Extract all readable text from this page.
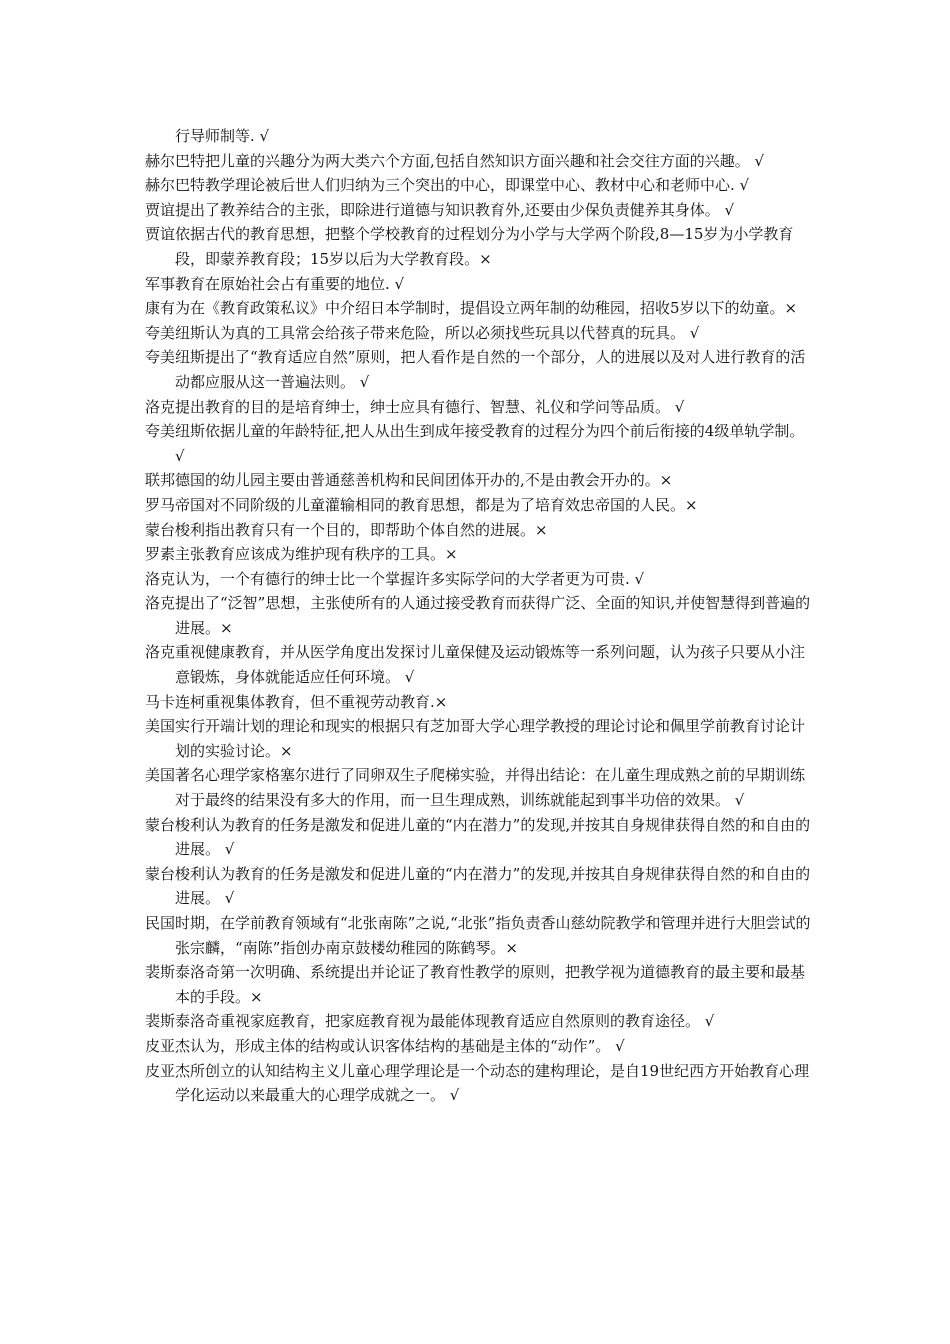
行导师制等. √

赫尔巴特把儿童的兴趣分为两大类六个方面,包括自然知识方面兴趣和社会交往方面的兴趣。 √

赫尔巴特教学理论被后世人们归纳为三个突出的中心，即课堂中心、教材中心和老师中心. √

贾谊提出了教养结合的主张，即除进行道德与知识教育外,还要由少保负责健养其身体。 √

贾谊依据古代的教育思想，把整个学校教育的过程划分为小学与大学两个阶段,8—15岁为小学教育段，即蒙养教育段；15岁以后为大学教育段。×

军事教育在原始社会占有重要的地位. √

康有为在《教育政策私议》中介绍日本学制时，提倡设立两年制的幼稚园，招收5岁以下的幼童。×

夸美纽斯认为真的工具常会给孩子带来危险，所以必须找些玩具以代替真的玩具。 √

夸美纽斯提出了“教育适应自然”原则，把人看作是自然的一个部分，人的进展以及对人进行教育的活动都应服从这一普遍法则。 √

洛克提出教育的目的是培育绅士，绅士应具有德行、智慧、礼仪和学问等品质。 √

夸美纽斯依据儿童的年龄特征,把人从出生到成年接受教育的过程分为四个前后衔接的4级单轨学制。 √

联邦德国的幼儿园主要由普通慈善机构和民间团体开办的,不是由教会开办的。×

罗马帝国对不同阶级的儿童灌输相同的教育思想，都是为了培育效忠帝国的人民。×

蒙台梭利指出教育只有一个目的，即帮助个体自然的进展。×

罗素主张教育应该成为维护现有秩序的工具。×

洛克认为，一个有德行的绅士比一个掌握许多实际学问的大学者更为可贵. √

洛克提出了“泛智”思想，主张使所有的人通过接受教育而获得广泛、全面的知识,并使智慧得到普遍的进展。×

洛克重视健康教育，并从医学角度出发探讨儿童保健及运动锻炼等一系列问题，认为孩子只要从小注意锻炼，身体就能适应任何环境。 √

马卡连柯重视集体教育，但不重视劳动教育.×

美国实行开端计划的理论和现实的根据只有芝加哥大学心理学教授的理论讨论和佩里学前教育讨论计划的实验讨论。×

美国著名心理学家格塞尔进行了同卵双生子爬梯实验，并得出结论：在儿童生理成熟之前的早期训练对于最终的结果没有多大的作用，而一旦生理成熟，训练就能起到事半功倍的效果。 √

蒙台梭利认为教育的任务是激发和促进儿童的“内在潜力”的发现,并按其自身规律获得自然的和自由的进展。 √

蒙台梭利认为教育的任务是激发和促进儿童的“内在潜力”的发现,并按其自身规律获得自然的和自由的进展。 √

民国时期，在学前教育领域有“北张南陈”之说,“北张”指负责香山慈幼院教学和管理并进行大胆尝试的张宗麟，“南陈”指创办南京鼓楼幼稚园的陈鹤琴。×

裴斯泰洛奇第一次明确、系统提出并论证了教育性教学的原则，把教学视为道德教育的最主要和最基本的手段。×

裴斯泰洛奇重视家庭教育，把家庭教育视为最能体现教育适应自然原则的教育途径。 √

皮亚杰认为，形成主体的结构或认识客体结构的基础是主体的“动作”。 √

皮亚杰所创立的认知结构主义儿童心理学理论是一个动态的建构理论，是自19世纪西方开始教育心理学化运动以来最重大的心理学成就之一。 √
